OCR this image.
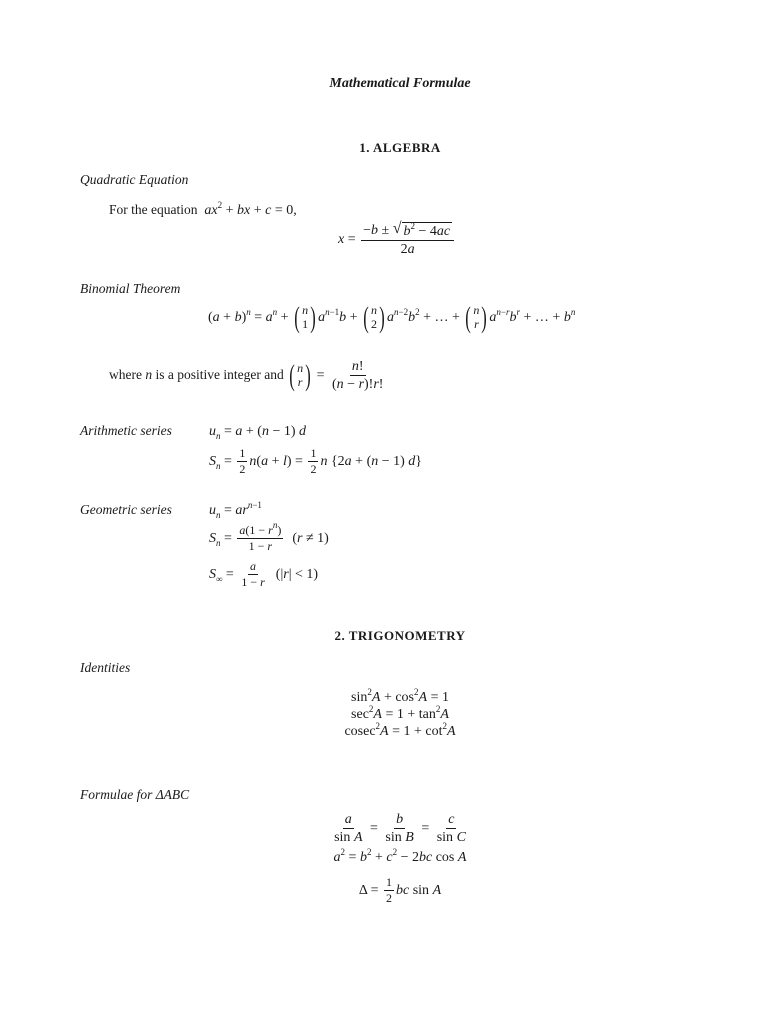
Mathematical Formulae
1. ALGEBRA
Quadratic Equation
For the equation $ax^2$ + bx + c = 0,
$x = \frac{-b \pm √ b^2 - 4ac}{2a}$
Binomial Theorem
$(a + b)^n = a^n$ + ( n
1 ) $a^{n-1}b$ + ( n
2 ) $a^{n-2}b^2$ + … + ( n
r ) $a^{n-r}b^r$ + … + $b^n$
where n is a positive integer and ( n
r ) = $\frac{n!}{(n - r)!r!}$
Arithmetic series	$u_n = a + (n - 1)$ d
$S_n = \frac{1}{2} n(a + l) = \frac{1}{2}$ n {2a + (n − 1) d}
Geometric series	$u_n = ar^{n-1}$
$S_n = \frac{a(1 - r^n)}{1 - r} (r \ne 1)$
$S_\infty = \frac{a}{1 - r} (|r| < 1)$
2. TRIGONOMETRY
Identities
$\sin^2A + \cos^2A = 1$
$\sec^2A = 1 + \tan^2A$
$cosec^2A = 1 + \cot^2A$
Formulae for ΔABC
$\frac{a}{\text{sin A}} = \frac{b}{\text{sin B}} = \frac{c}{\text{sin C}}$
$a^2 = b^2 + c^2 - 2bc$ cos A
$\Delta = \frac{1}{2}$ bc sin A
